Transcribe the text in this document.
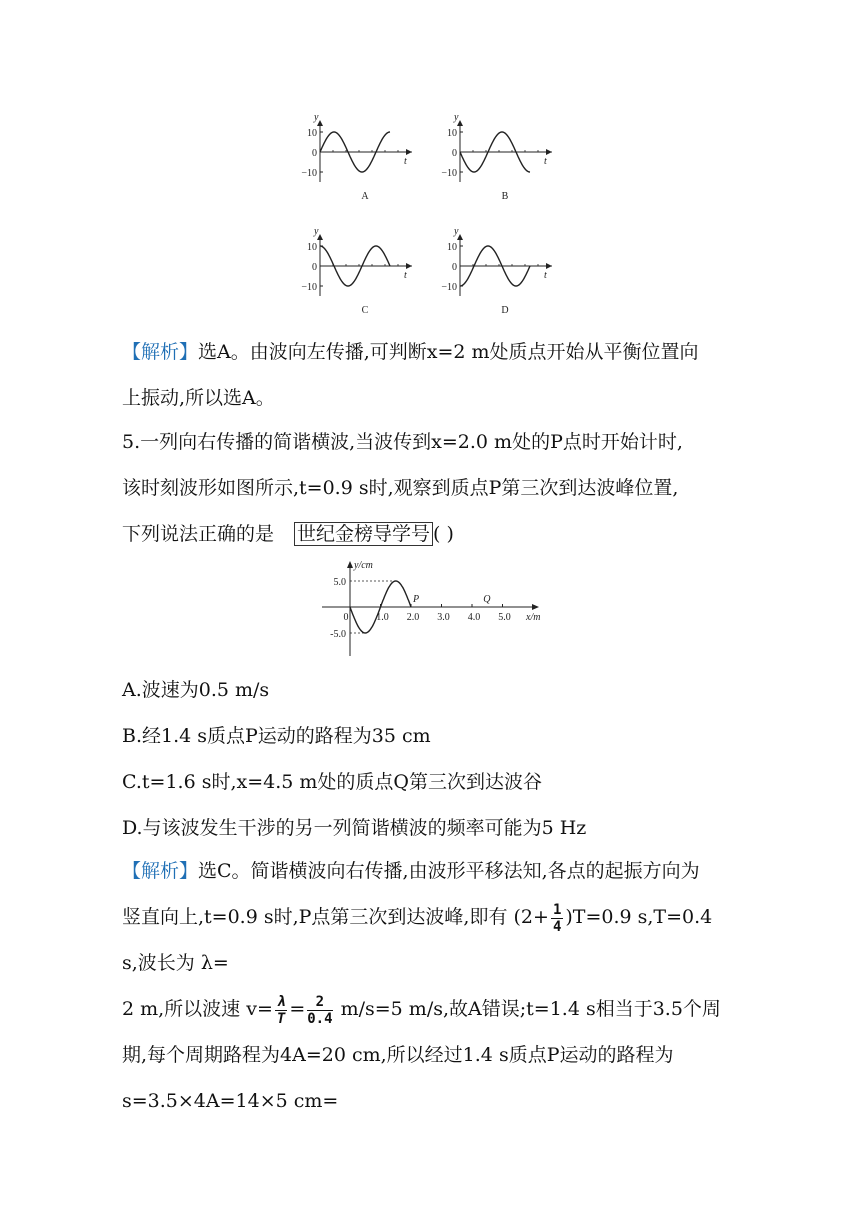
y
t
10
0
−10
A
y
t
10
0
−10
B
y
t
10
0
−10
C
y
t
10
0
−10
D
【解析】选A。由波向左传播,可判断x=2 m处质点开始从平衡位置向
上振动,所以选A。
5.一列向右传播的简谐横波,当波传到x=2.0 m处的P点时开始计时,
该时刻波形如图所示,t=0.9 s时,观察到质点P第三次到达波峰位置,
下列说法正确的是 世纪金榜导学号 ( )
y/cm
x/m
5.0
-5.0
0	1.0 2.0 3.0 4.0 5.0
P	Q
A.波速为0.5 m/s
B.经1.4 s质点P运动的路程为35 cm
C.t=1.6 s时,x=4.5 m处的质点Q第三次到达波谷
D.与该波发生干涉的另一列简谐横波的频率可能为5 Hz
【解析】选C。简谐横波向右传播,由波形平移法知,各点的起振方向为
竖直向上,t=0.9 s时,P点第三次到达波峰,即有 $(2+ \frac{1}{4} )T=0.9$ s,T=0.4
s,波长为 λ=
2 m,所以波速 $v= \frac{\lambda}{T} = \frac{2}{0.4} m/s=5$ m/s,故A错误;t=1.4 s相当于3.5个周
期,每个周期路程为4A=20 cm,所以经过1.4 s质点P运动的路程为
s=3.5×4A=14×5 cm=
